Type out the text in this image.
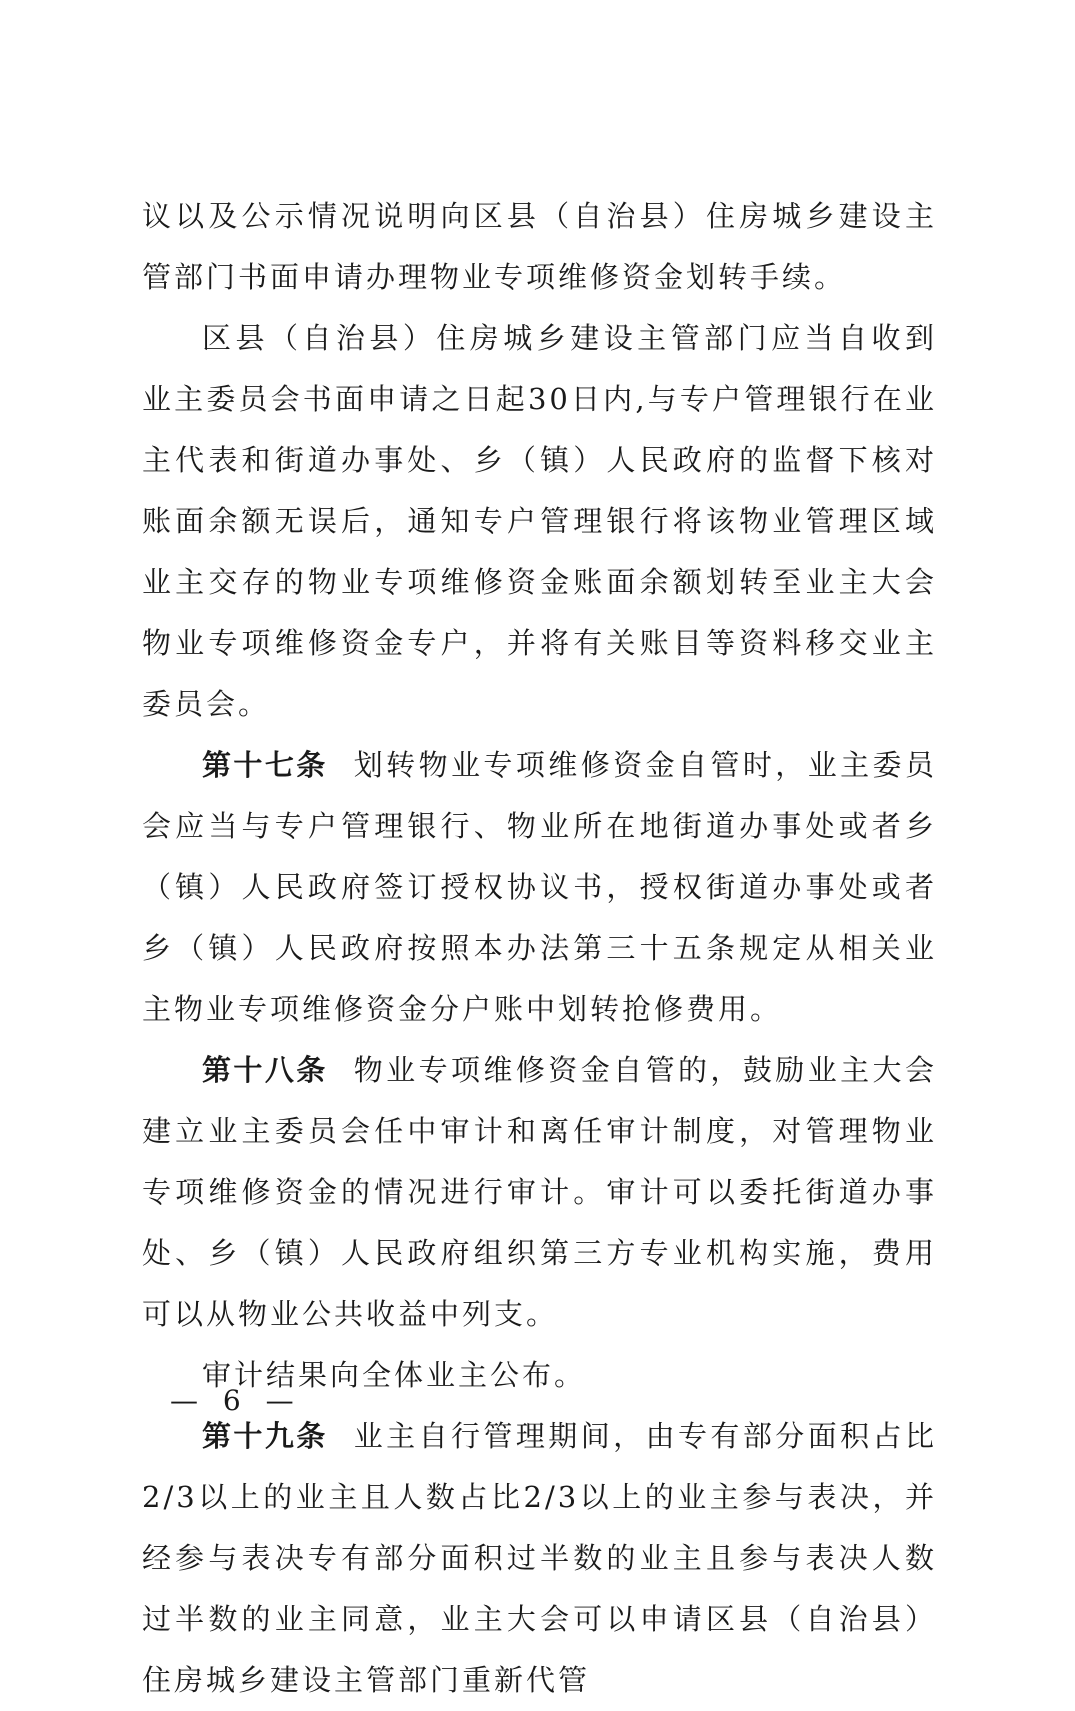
议以及公示情况说明向区县（自治县）住房城乡建设主管部门书面申请办理物业专项维修资金划转手续。

区县（自治县）住房城乡建设主管部门应当自收到业主委员会书面申请之日起30日内,与专户管理银行在业主代表和街道办事处、乡（镇）人民政府的监督下核对账面余额无误后，通知专户管理银行将该物业管理区域业主交存的物业专项维修资金账面余额划转至业主大会物业专项维修资金专户，并将有关账目等资料移交业主委员会。

第十七条 划转物业专项维修资金自管时，业主委员会应当与专户管理银行、物业所在地街道办事处或者乡（镇）人民政府签订授权协议书，授权街道办事处或者乡（镇）人民政府按照本办法第三十五条规定从相关业主物业专项维修资金分户账中划转抢修费用。

第十八条 物业专项维修资金自管的，鼓励业主大会建立业主委员会任中审计和离任审计制度，对管理物业专项维修资金的情况进行审计。审计可以委托街道办事处、乡（镇）人民政府组织第三方专业机构实施，费用可以从物业公共收益中列支。

审计结果向全体业主公布。

第十九条 业主自行管理期间，由专有部分面积占比2/3以上的业主且人数占比2/3以上的业主参与表决，并经参与表决专有部分面积过半数的业主且参与表决人数过半数的业主同意，业主大会可以申请区县（自治县）住房城乡建设主管部门重新代管

— 6 —
